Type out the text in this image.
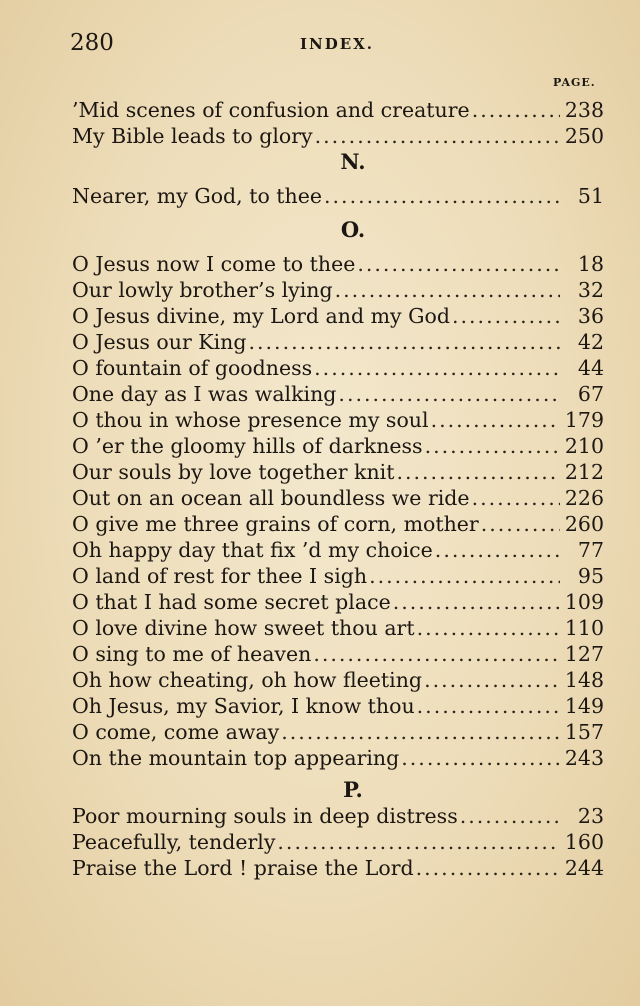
280	INDEX.
PAGE.
’Mid scenes of confusion and creature .....	238
My Bible leads to glory .....	250
N.
Nearer, my God, to thee .....	51
O.
O Jesus now I come to thee .....	18
Our lowly brother’s lying .....	32
O Jesus divine, my Lord and my God .....	36
O Jesus our King .....	42
O fountain of goodness .....	44
One day as I was walking .....	67
O thou in whose presence my soul .....	179
O ’er the gloomy hills of darkness .....	210
Our souls by love together knit .....	212
Out on an ocean all boundless we ride .....	226
O give me three grains of corn, mother .....	260
Oh happy day that fix ’d my choice .....	77
O land of rest for thee I sigh .....	95
O that I had some secret place .....	109
O love divine how sweet thou art .....	110
O sing to me of heaven .....	127
Oh how cheating, oh how fleeting .....	148
Oh Jesus, my Savior, I know thou .....	149
O come, come away .....	157
On the mountain top appearing .....	243
P.
Poor mourning souls in deep distress .....	23
Peacefully, tenderly .....	160
Praise the Lord ! praise the Lord .....	244
